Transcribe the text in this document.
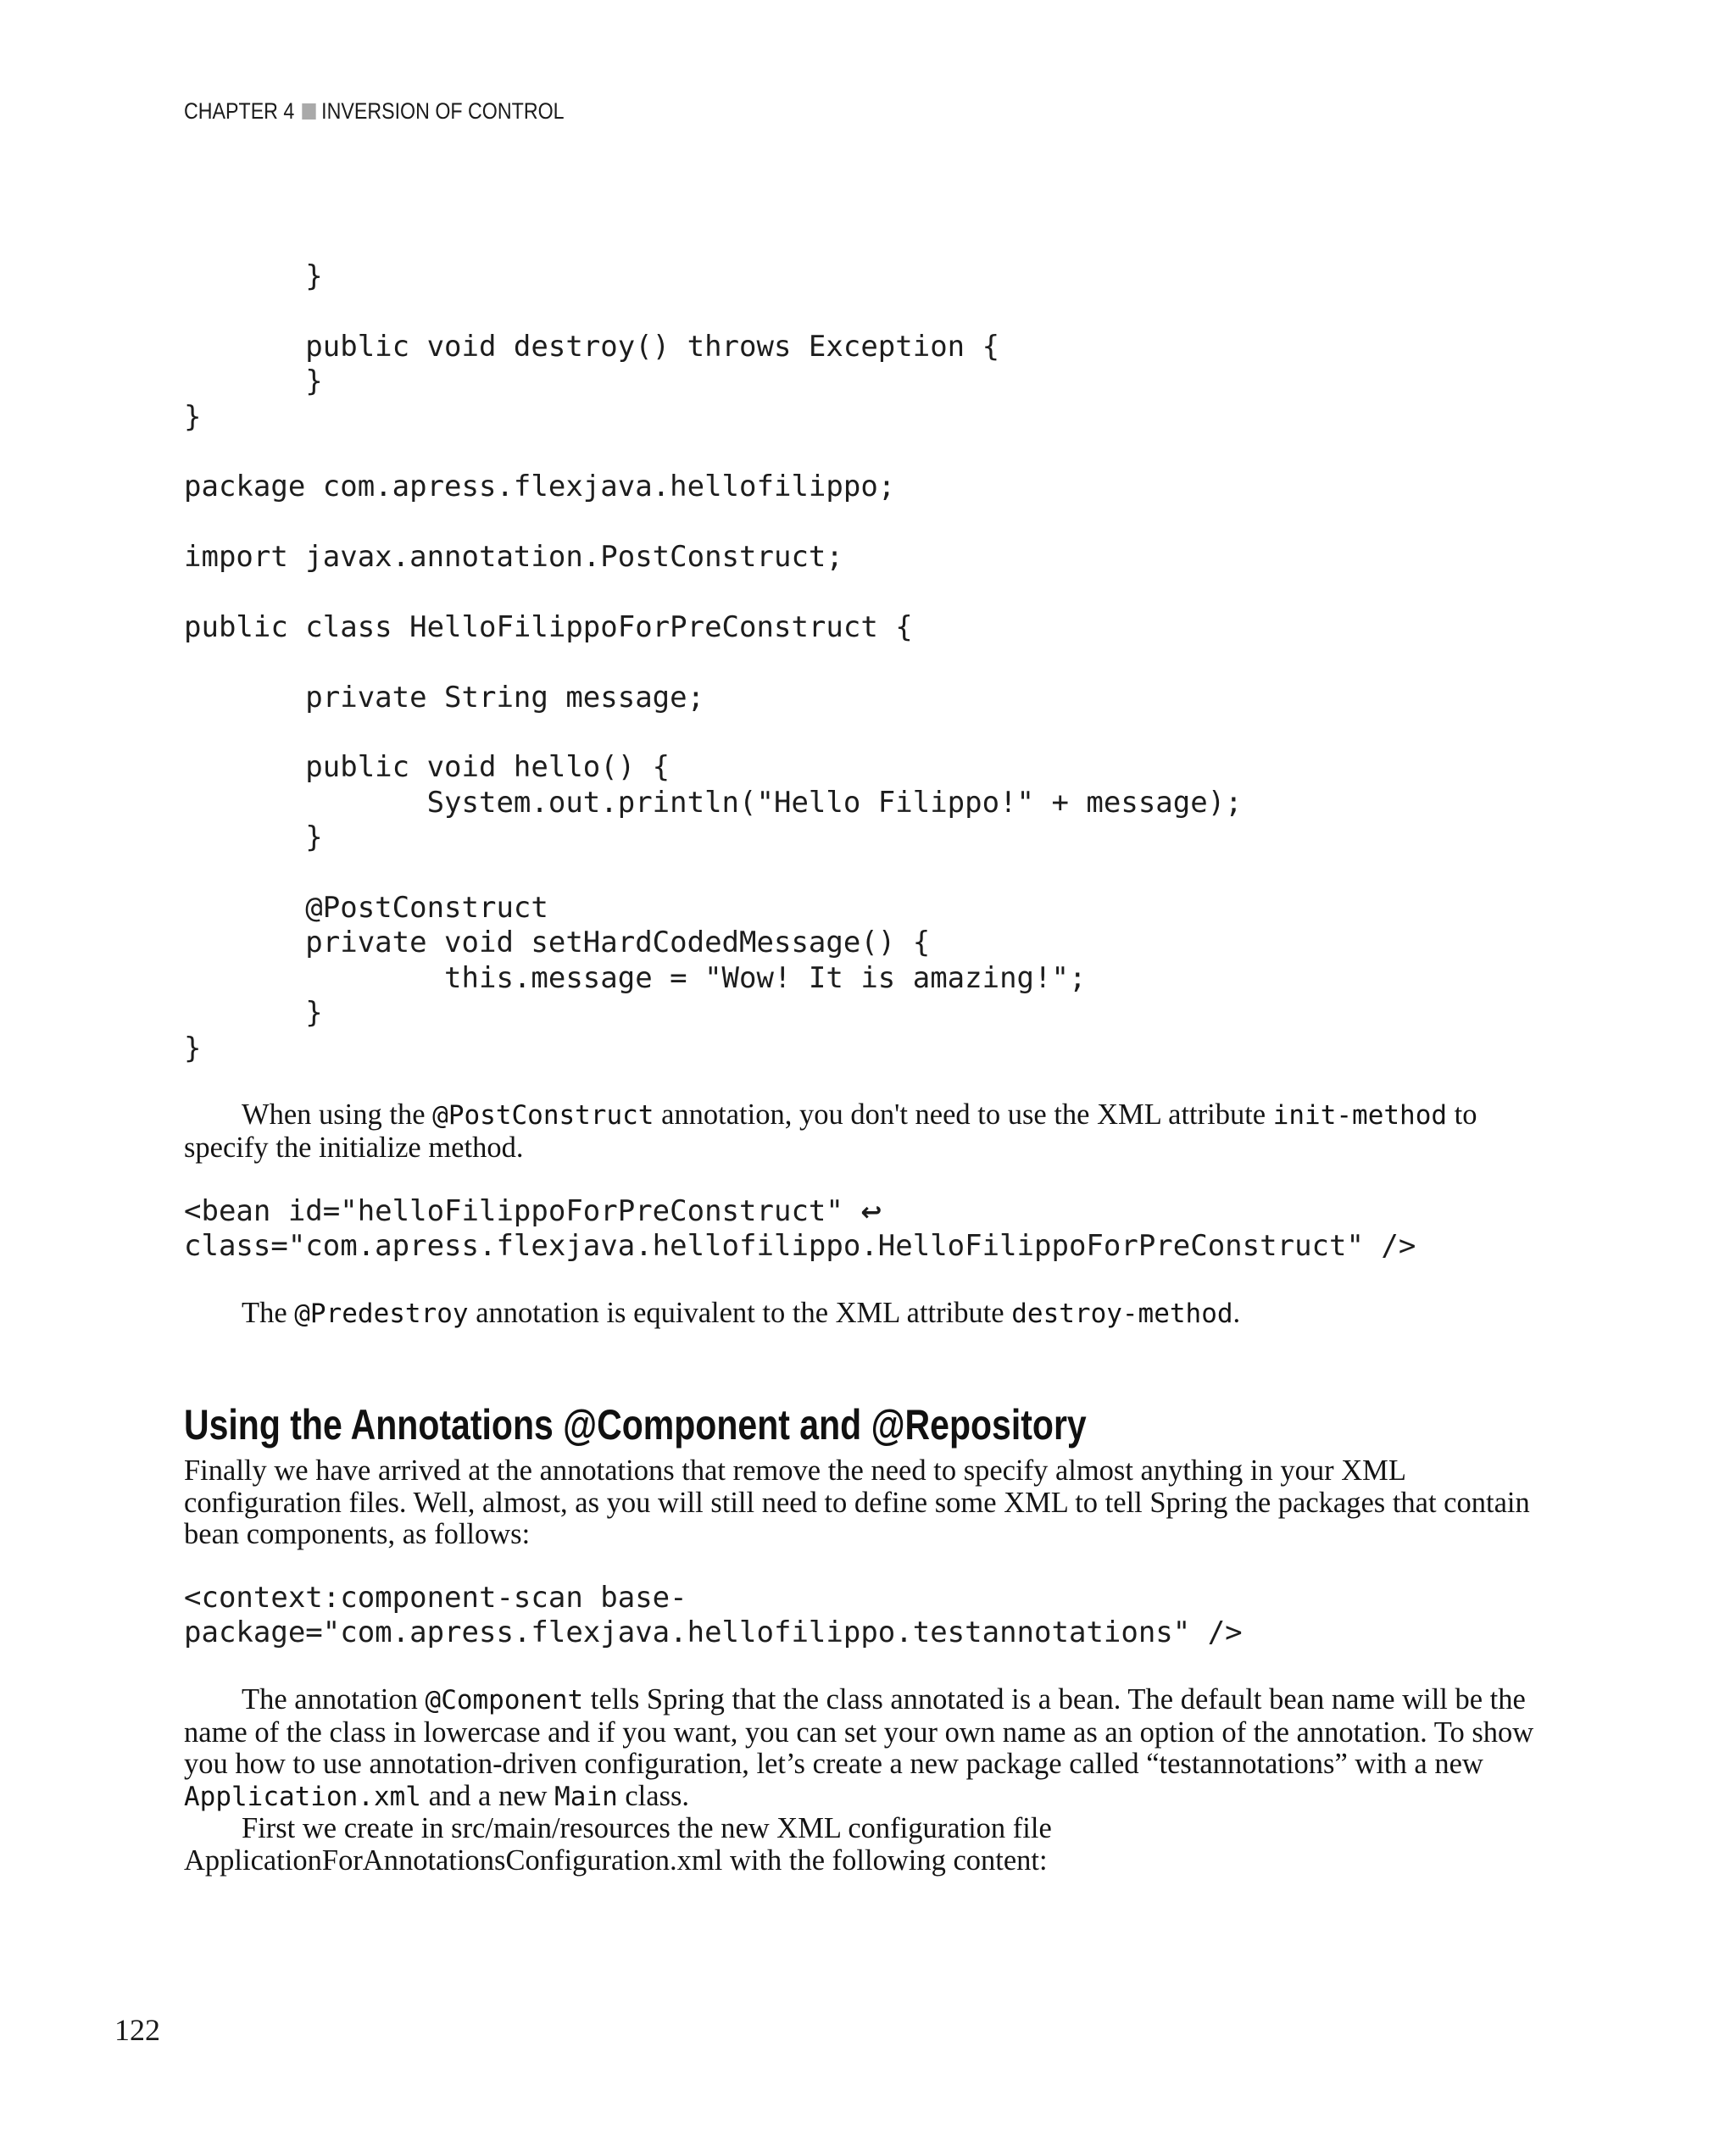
CHAPTER 4 INVERSION OF CONTROL
}
public void destroy() throws Exception {
}
}
package com.apress.flexjava.hellofilippo;
import javax.annotation.PostConstruct;
public class HelloFilippoForPreConstruct {
private String message;
public void hello() {
System.out.println("Hello Filippo!" + message);
}
@PostConstruct
private void setHardCodedMessage() {
this.message = "Wow! It is amazing!";
}
}

When using the @PostConstruct annotation, you don't need to use the XML attribute init-method to specify the initialize method.

<bean id="helloFilippoForPreConstruct" ↩
class="com.apress.flexjava.hellofilippo.HelloFilippoForPreConstruct" />

The @Predestroy annotation is equivalent to the XML attribute destroy-method.

Using the Annotations @Component and @Repository

Finally we have arrived at the annotations that remove the need to specify almost anything in your XML configuration files. Well, almost, as you will still need to define some XML to tell Spring the packages that contain bean components, as follows:

<context:component-scan base-
package="com.apress.flexjava.hellofilippo.testannotations" />

The annotation @Component tells Spring that the class annotated is a bean. The default bean name will be the name of the class in lowercase and if you want, you can set your own name as an option of the annotation. To show you how to use annotation-driven configuration, let’s create a new package called “testannotations” with a new Application.xml and a new Main class.

First we create in src/main/resources the new XML configuration file ApplicationForAnnotationsConfiguration.xml with the following content:

122
